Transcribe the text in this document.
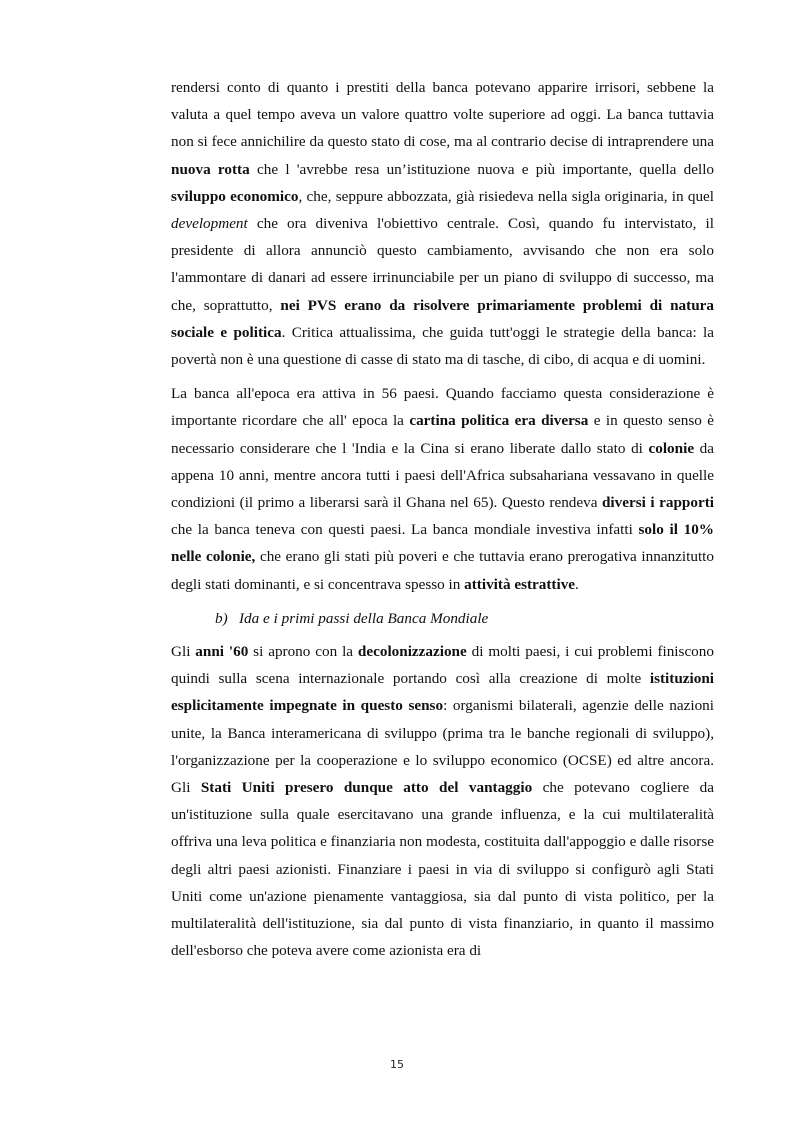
rendersi conto di quanto i prestiti della banca potevano apparire irrisori, sebbene la valuta a quel tempo aveva un valore quattro volte superiore ad oggi. La banca tuttavia non si fece annichilire da questo stato di cose, ma al contrario decise di intraprendere una nuova rotta che l 'avrebbe resa un’istituzione nuova e più importante, quella dello sviluppo economico, che, seppure abbozzata, già risiedeva nella sigla originaria, in quel development che ora diveniva l'obiettivo centrale. Così, quando fu intervistato, il presidente di allora annunciò questo cambiamento, avvisando che non era solo l'ammontare di danari ad essere irrinunciabile per un piano di sviluppo di successo, ma che, soprattutto, nei PVS erano da risolvere primariamente problemi di natura sociale e politica. Critica attualissima, che guida tutt'oggi le strategie della banca: la povertà non è una questione di casse di stato ma di tasche, di cibo, di acqua e di uomini.

La banca all'epoca era attiva in 56 paesi. Quando facciamo questa considerazione è importante ricordare che all' epoca la cartina politica era diversa e in questo senso è necessario considerare che l 'India e la Cina si erano liberate dallo stato di colonie da appena 10 anni, mentre ancora tutti i paesi dell'Africa subsahariana vessavano in quelle condizioni (il primo a liberarsi sarà il Ghana nel 65). Questo rendeva diversi i rapporti che la banca teneva con questi paesi. La banca mondiale investiva infatti solo il 10% nelle colonie, che erano gli stati più poveri e che tuttavia erano prerogativa innanzitutto degli stati dominanti, e si concentrava spesso in attività estrattive.

b) Ida e i primi passi della Banca Mondiale

Gli anni '60 si aprono con la decolonizzazione di molti paesi, i cui problemi finiscono quindi sulla scena internazionale portando così alla creazione di molte istituzioni esplicitamente impegnate in questo senso: organismi bilaterali, agenzie delle nazioni unite, la Banca interamericana di sviluppo (prima tra le banche regionali di sviluppo), l'organizzazione per la cooperazione e lo sviluppo economico (OCSE) ed altre ancora. Gli Stati Uniti presero dunque atto del vantaggio che potevano cogliere da un'istituzione sulla quale esercitavano una grande influenza, e la cui multilateralità offriva una leva politica e finanziaria non modesta, costituita dall'appoggio e dalle risorse degli altri paesi azionisti. Finanziare i paesi in via di sviluppo si configurò agli Stati Uniti come un'azione pienamente vantaggiosa, sia dal punto di vista politico, per la multilateralità dell'istituzione, sia dal punto di vista finanziario, in quanto il massimo dell'esborso che poteva avere come azionista era di

15
